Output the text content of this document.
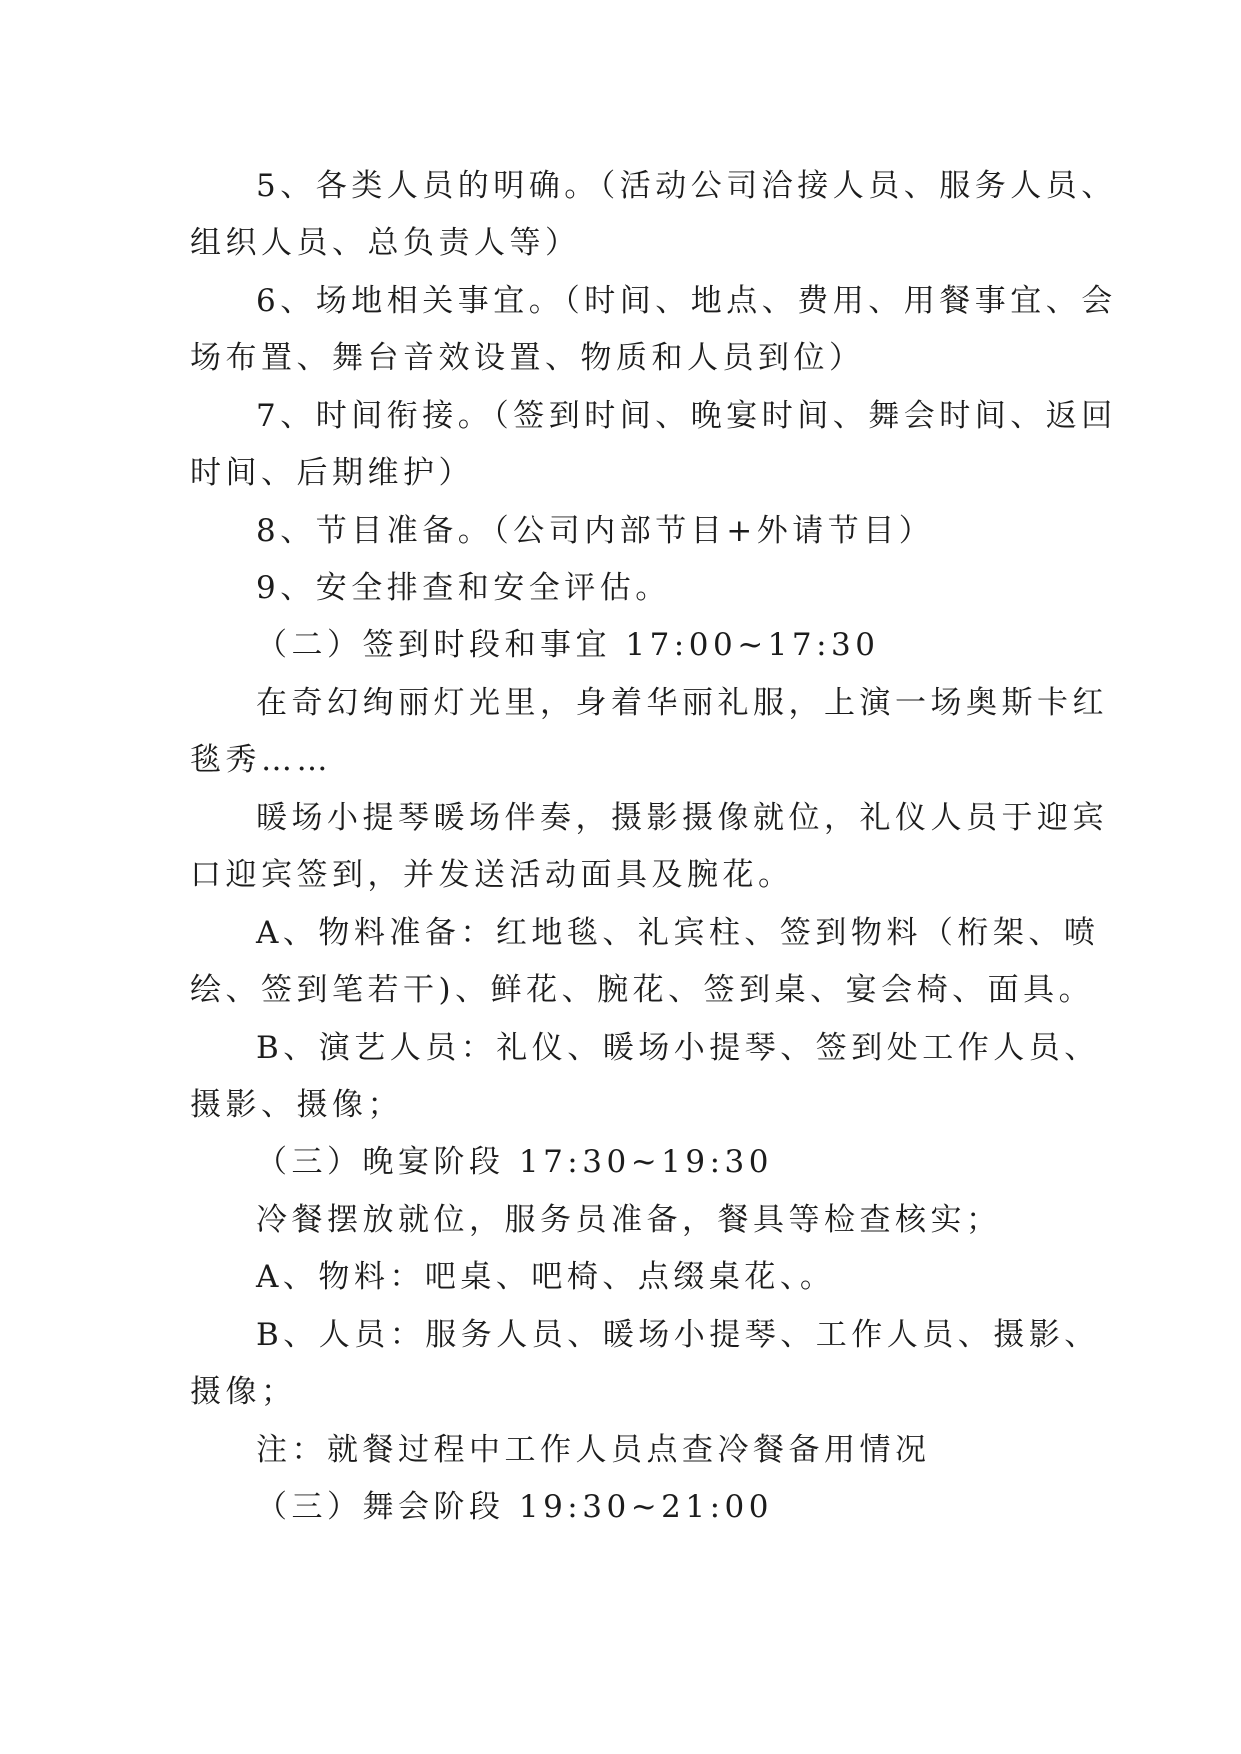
5、各类人员的明确。（活动公司洽接人员、服务人员、
组织人员、总负责人等）
6、场地相关事宜。（时间、地点、费用、用餐事宜、会
场布置、舞台音效设置、物质和人员到位）
7、时间衔接。（签到时间、晚宴时间、舞会时间、返回
时间、后期维护）
8、节目准备。（公司内部节目+外请节目）
9、安全排查和安全评估。
（二）签到时段和事宜 17:00~17:30
在奇幻绚丽灯光里，身着华丽礼服，上演一场奥斯卡红
毯秀……
暖场小提琴暖场伴奏，摄影摄像就位，礼仪人员于迎宾
口迎宾签到，并发送活动面具及腕花。
A、物料准备：红地毯、礼宾柱、签到物料（桁架、喷
绘、签到笔若干)、鲜花、腕花、签到桌、宴会椅、面具。
B、演艺人员：礼仪、暖场小提琴、签到处工作人员、
摄影、摄像；
（三）晚宴阶段 17:30~19:30
冷餐摆放就位，服务员准备，餐具等检查核实；
A、物料：吧桌、吧椅、点缀桌花、。
B、人员：服务人员、暖场小提琴、工作人员、摄影、
摄像；
注：就餐过程中工作人员点查冷餐备用情况
（三）舞会阶段 19:30~21:00
